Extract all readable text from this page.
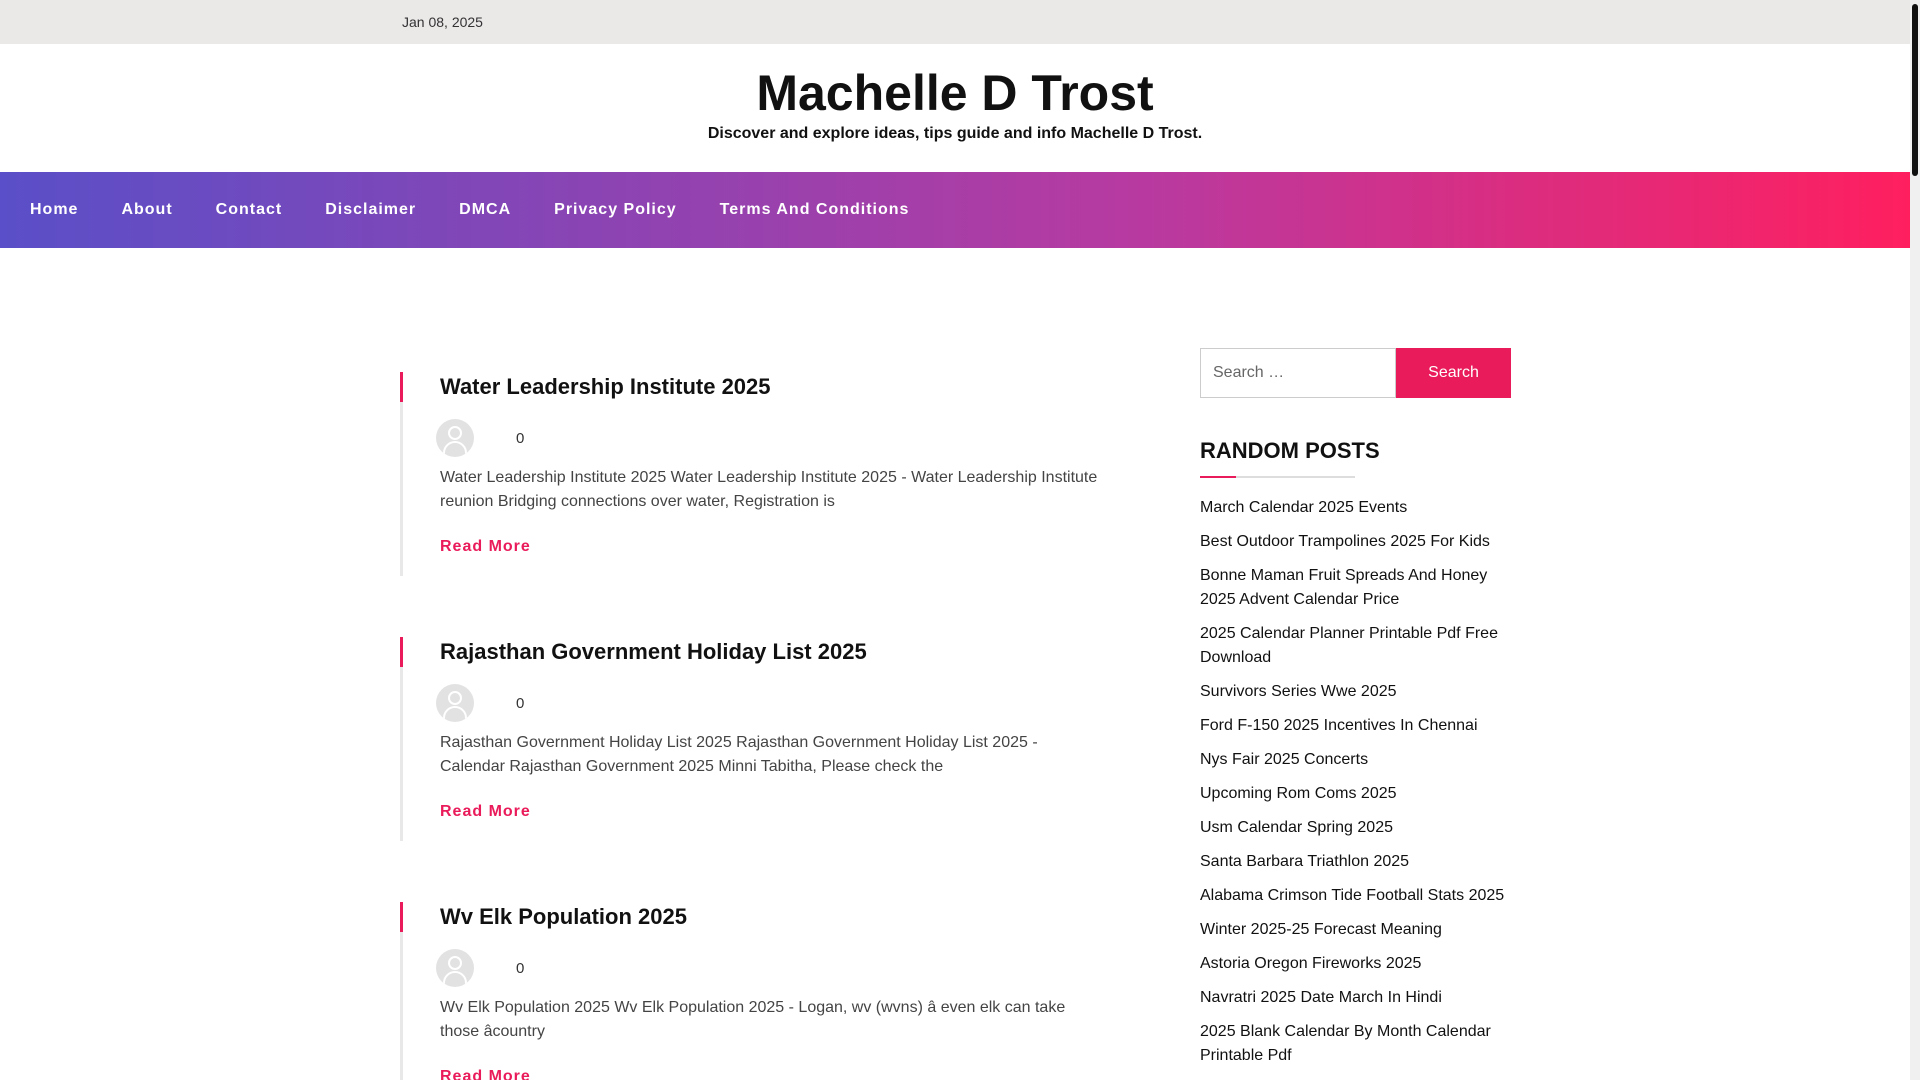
Jan 08, 2025
Machelle D Trost
Discover and explore ideas, tips guide and info Machelle D Trost.
Home	About	Contact	Disclaimer	DMCA	Privacy Policy	Terms And Conditions
Water Leadership Institute 2025
0

Water Leadership Institute 2025 Water Leadership Institute 2025 - Water Leadership Institute reunion Bridging connections over water, Registration is

Read More
Rajasthan Government Holiday List 2025
0

Rajasthan Government Holiday List 2025 Rajasthan Government Holiday List 2025 - Calendar Rajasthan Government 2025 Minni Tabitha, Please check the

Read More
Wv Elk Population 2025
0

Wv Elk Population 2025 Wv Elk Population 2025 - Logan, wv (wvns) â even elk can take those âcountry

Read More
Search …
Search
RANDOM POSTS
March Calendar 2025 Events
Best Outdoor Trampolines 2025 For Kids
Bonne Maman Fruit Spreads And Honey 2025 Advent Calendar Price
2025 Calendar Planner Printable Pdf Free Download
Survivors Series Wwe 2025
Ford F-150 2025 Incentives In Chennai
Nys Fair 2025 Concerts
Upcoming Rom Coms 2025
Usm Calendar Spring 2025
Santa Barbara Triathlon 2025
Alabama Crimson Tide Football Stats 2025
Winter 2025-25 Forecast Meaning
Astoria Oregon Fireworks 2025
Navratri 2025 Date March In Hindi
2025 Blank Calendar By Month Calendar Printable Pdf
